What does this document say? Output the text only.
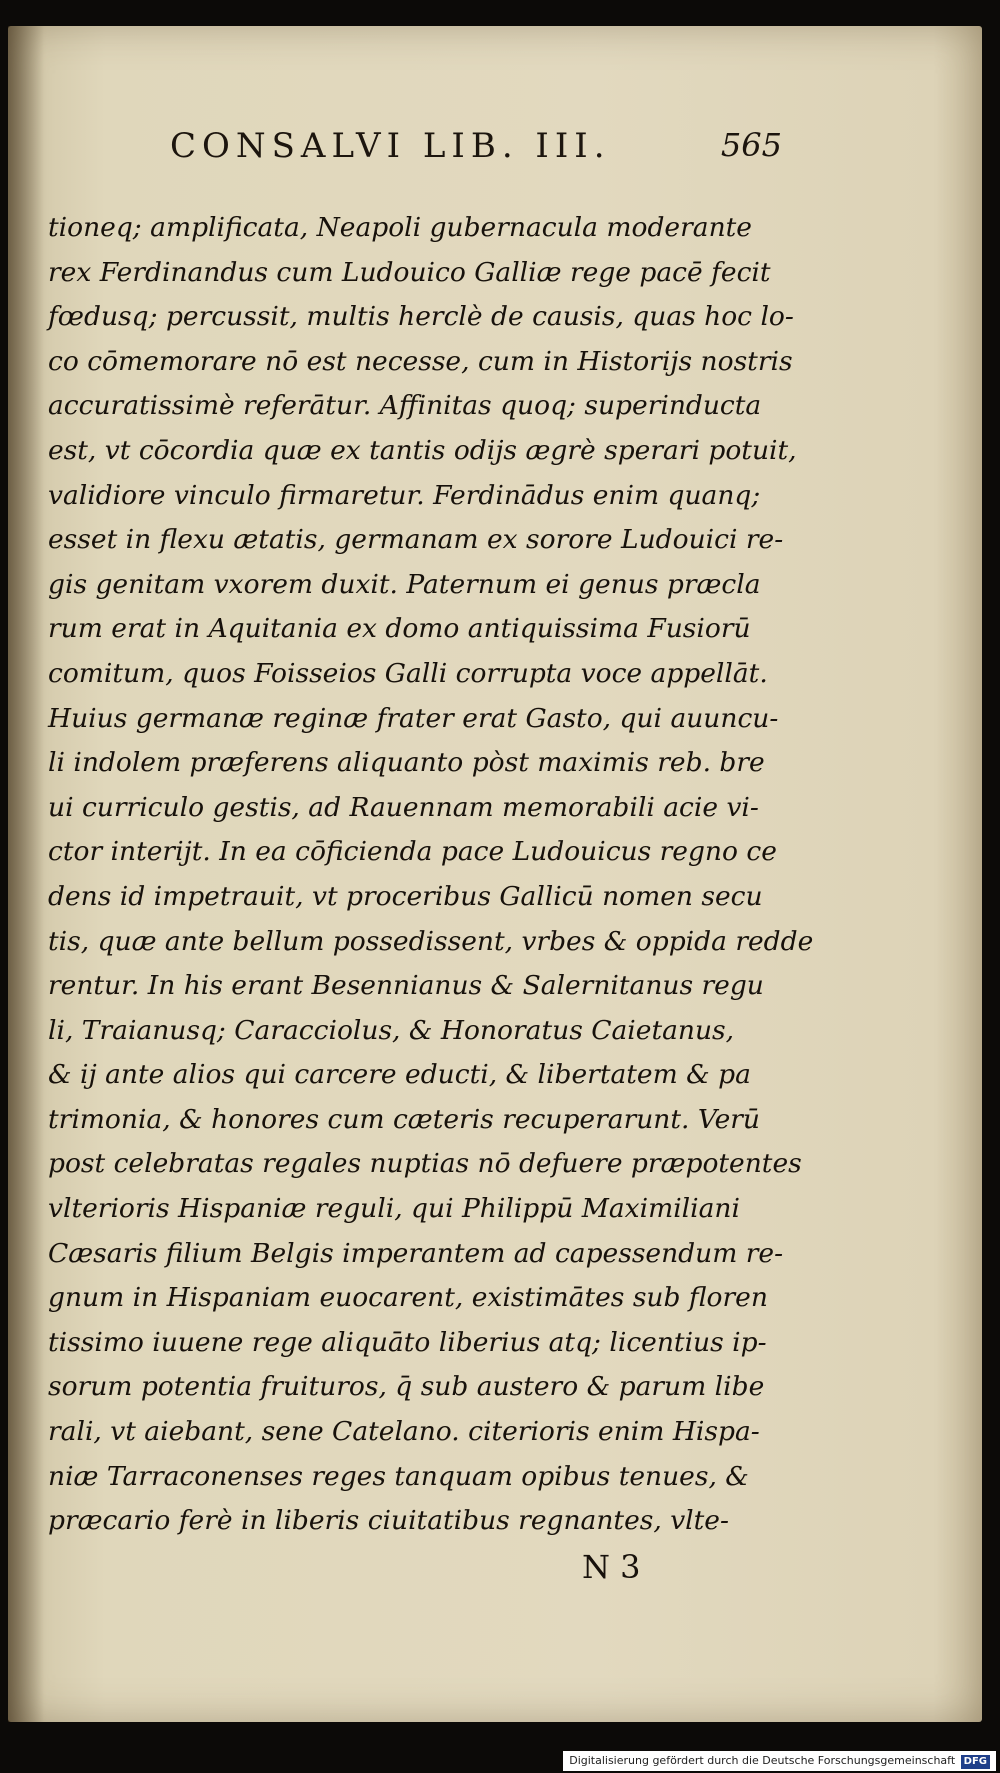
CONSALVI LIB. III.	565
tioneq; amplificata, Neapoli gubernacula moderante
rex Ferdinandus cum Ludouico Galliæ rege pacē fecit
fœdusq; percussit, multis herclè de causis, quas hoc lo-
co cōmemorare nō est necesse, cum in Historijs nostris
accuratissimè referātur. Affinitas quoq; superinducta
est, vt cōcordia quæ ex tantis odijs ægrè sperari potuit,
validiore vinculo firmaretur. Ferdinādus enim quanq;
esset in flexu ætatis, germanam ex sorore Ludouici re-
gis genitam vxorem duxit. Paternum ei genus præcla
rum erat in Aquitania ex domo antiquissima Fusiorū
comitum, quos Foisseios Galli corrupta voce appellāt.
Huius germanæ reginæ frater erat Gasto, qui auuncu-
li indolem præferens aliquanto pòst maximis reb. bre
ui curriculo gestis, ad Rauennam memorabili acie vi-
ctor interijt. In ea cōficienda pace Ludouicus regno ce
dens id impetrauit, vt proceribus Gallicū nomen secu
tis, quæ ante bellum possedissent, vrbes & oppida redde
rentur. In his erant Besennianus & Salernitanus regu
li, Traianusq; Caracciolus, & Honoratus Caietanus,
& ij ante alios qui carcere educti, & libertatem & pa
trimonia, & honores cum cæteris recuperarunt. Verū
post celebratas regales nuptias nō defuere præpotentes
vlterioris Hispaniæ reguli, qui Philippū Maximiliani
Cæsaris filium Belgis imperantem ad capessendum re-
gnum in Hispaniam euocarent, existimātes sub floren
tissimo iuuene rege aliquāto liberius atq; licentius ip-
sorum potentia fruituros, q̄ sub austero & parum libe
rali, vt aiebant, sene Catelano. citerioris enim Hispa-
niæ Tarraconenses reges tanquam opibus tenues, &
præcario ferè in liberis ciuitatibus regnantes, vlte-
N 3
Digitalisierung gefördert durch die Deutsche Forschungsgemeinschaft DFG
